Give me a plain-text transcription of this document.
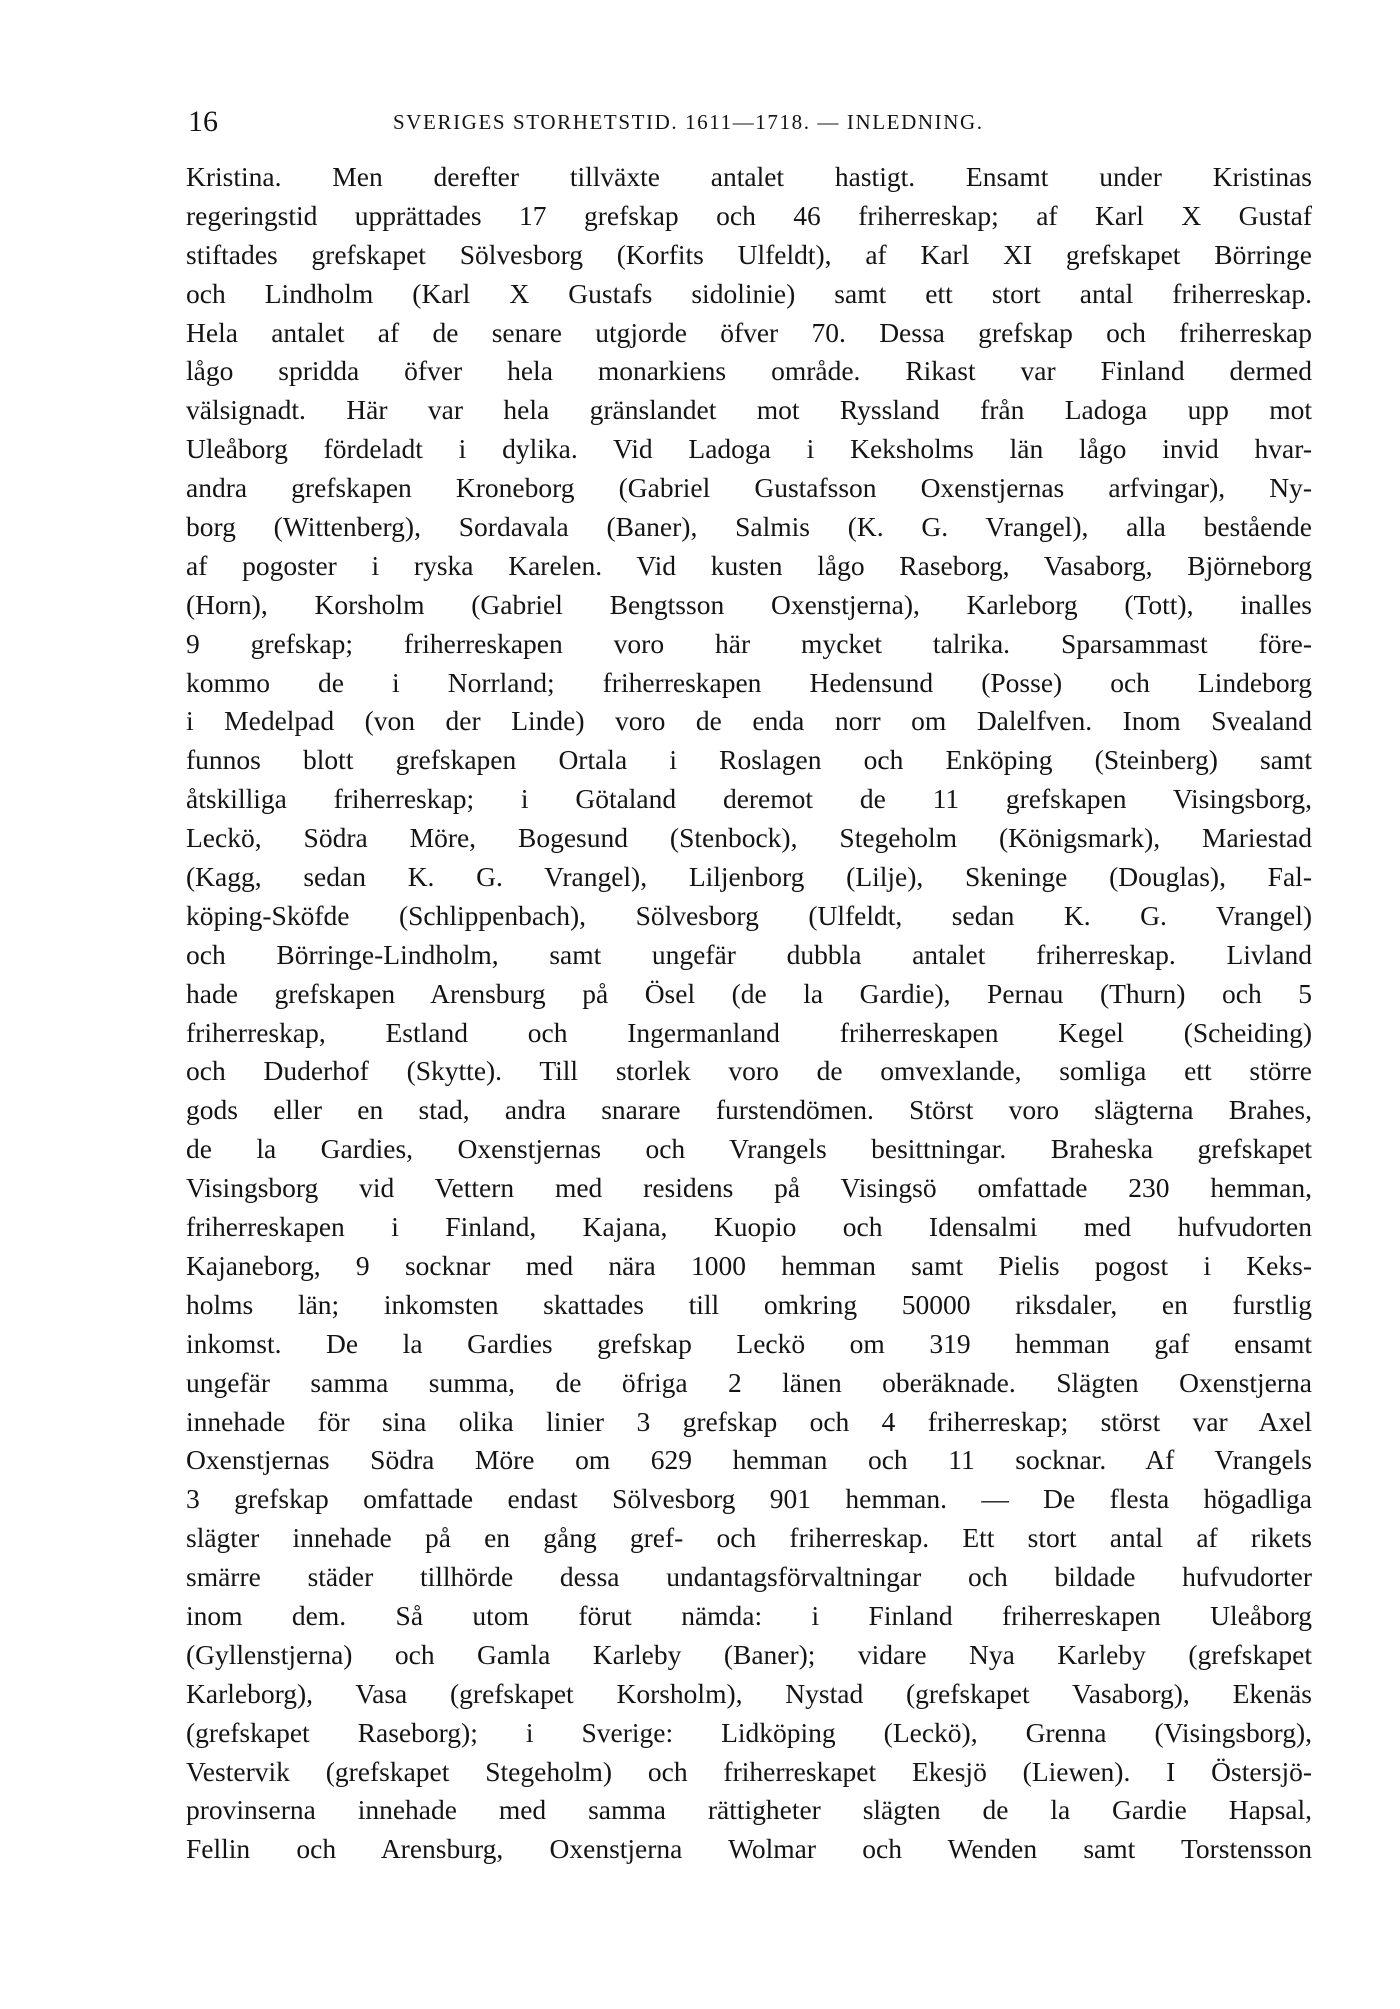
16	SVERIGES STORHETSTID. 1611—1718. — INLEDNING.
Kristina. Men derefter tillväxte antalet hastigt. Ensamt under Kristinas
regeringstid upprättades 17 grefskap och 46 friherreskap; af Karl X Gustaf
stiftades grefskapet Sölvesborg (Korfits Ulfeldt), af Karl XI grefskapet Börringe
och Lindholm (Karl X Gustafs sidolinie) samt ett stort antal friherreskap.
Hela antalet af de senare utgjorde öfver 70. Dessa grefskap och friherreskap
lågo spridda öfver hela monarkiens område. Rikast var Finland dermed
välsignadt. Här var hela gränslandet mot Ryssland från Ladoga upp mot
Uleåborg fördeladt i dylika. Vid Ladoga i Keksholms län lågo invid hvar-
andra grefskapen Kroneborg (Gabriel Gustafsson Oxenstjernas arfvingar), Ny-
borg (Wittenberg), Sordavala (Baner), Salmis (K. G. Vrangel), alla bestående
af pogoster i ryska Karelen. Vid kusten lågo Raseborg, Vasaborg, Björneborg
(Horn), Korsholm (Gabriel Bengtsson Oxenstjerna), Karleborg (Tott), inalles
9 grefskap; friherreskapen voro här mycket talrika. Sparsammast före-
kommo de i Norrland; friherreskapen Hedensund (Posse) och Lindeborg
i Medelpad (von der Linde) voro de enda norr om Dalelfven. Inom Svealand
funnos blott grefskapen Ortala i Roslagen och Enköping (Steinberg) samt
åtskilliga friherreskap; i Götaland deremot de 11 grefskapen Visingsborg,
Leckö, Södra Möre, Bogesund (Stenbock), Stegeholm (Königsmark), Mariestad
(Kagg, sedan K. G. Vrangel), Liljenborg (Lilje), Skeninge (Douglas), Fal-
köping-Sköfde (Schlippenbach), Sölvesborg (Ulfeldt, sedan K. G. Vrangel)
och Börringe-Lindholm, samt ungefär dubbla antalet friherreskap. Livland
hade grefskapen Arensburg på Ösel (de la Gardie), Pernau (Thurn) och 5
friherreskap, Estland och Ingermanland friherreskapen Kegel (Scheiding)
och Duderhof (Skytte). Till storlek voro de omvexlande, somliga ett större
gods eller en stad, andra snarare furstendömen. Störst voro slägterna Brahes,
de la Gardies, Oxenstjernas och Vrangels besittningar. Braheska grefskapet
Visingsborg vid Vettern med residens på Visingsö omfattade 230 hemman,
friherreskapen i Finland, Kajana, Kuopio och Idensalmi med hufvudorten
Kajaneborg, 9 socknar med nära 1000 hemman samt Pielis pogost i Keks-
holms län; inkomsten skattades till omkring 50000 riksdaler, en furstlig
inkomst. De la Gardies grefskap Leckö om 319 hemman gaf ensamt
ungefär samma summa, de öfriga 2 länen oberäknade. Slägten Oxenstjerna
innehade för sina olika linier 3 grefskap och 4 friherreskap; störst var Axel
Oxenstjernas Södra Möre om 629 hemman och 11 socknar. Af Vrangels
3 grefskap omfattade endast Sölvesborg 901 hemman. — De flesta högadliga
slägter innehade på en gång gref- och friherreskap. Ett stort antal af rikets
smärre städer tillhörde dessa undantagsförvaltningar och bildade hufvudorter
inom dem. Så utom förut nämda: i Finland friherreskapen Uleåborg
(Gyllenstjerna) och Gamla Karleby (Baner); vidare Nya Karleby (grefskapet
Karleborg), Vasa (grefskapet Korsholm), Nystad (grefskapet Vasaborg), Ekenäs
(grefskapet Raseborg); i Sverige: Lidköping (Leckö), Grenna (Visingsborg),
Vestervik (grefskapet Stegeholm) och friherreskapet Ekesjö (Liewen). I Östersjö-
provinserna innehade med samma rättigheter slägten de la Gardie Hapsal,
Fellin och Arensburg, Oxenstjerna Wolmar och Wenden samt Torstensson
